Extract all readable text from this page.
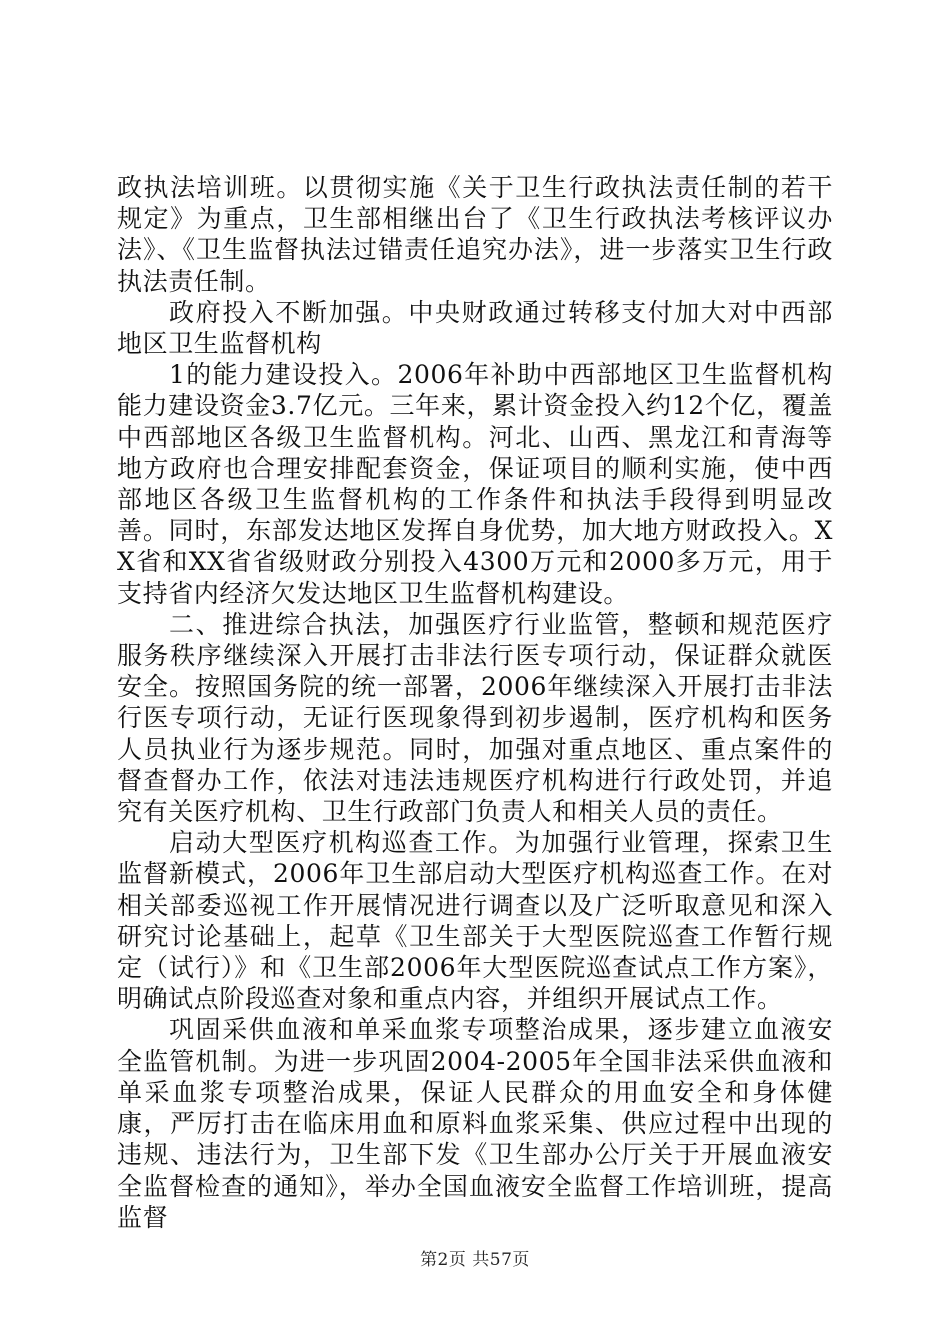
政执法培训班。以贯彻实施《关于卫生行政执法责任制的若干规定》为重点，卫生部相继出台了《卫生行政执法考核评议办法》、《卫生监督执法过错责任追究办法》，进一步落实卫生行政执法责任制。

政府投入不断加强。中央财政通过转移支付加大对中西部地区卫生监督机构

1的能力建设投入。2006年补助中西部地区卫生监督机构能力建设资金3.7亿元。三年来，累计资金投入约12个亿，覆盖中西部地区各级卫生监督机构。河北、山西、黑龙江和青海等地方政府也合理安排配套资金，保证项目的顺利实施，使中西部地区各级卫生监督机构的工作条件和执法手段得到明显改善。同时，东部发达地区发挥自身优势，加大地方财政投入。XX省和XX省省级财政分别投入4300万元和2000多万元，用于支持省内经济欠发达地区卫生监督机构建设。

二、推进综合执法，加强医疗行业监管，整顿和规范医疗服务秩序继续深入开展打击非法行医专项行动，保证群众就医安全。按照国务院的统一部署，2006年继续深入开展打击非法行医专项行动，无证行医现象得到初步遏制，医疗机构和医务人员执业行为逐步规范。同时，加强对重点地区、重点案件的督查督办工作，依法对违法违规医疗机构进行行政处罚，并追究有关医疗机构、卫生行政部门负责人和相关人员的责任。

启动大型医疗机构巡查工作。为加强行业管理，探索卫生监督新模式，2006年卫生部启动大型医疗机构巡查工作。在对相关部委巡视工作开展情况进行调查以及广泛听取意见和深入研究讨论基础上，起草《卫生部关于大型医院巡查工作暂行规定（试行）》和《卫生部2006年大型医院巡查试点工作方案》，明确试点阶段巡查对象和重点内容，并组织开展试点工作。

巩固采供血液和单采血浆专项整治成果，逐步建立血液安全监管机制。为进一步巩固2004-2005年全国非法采供血液和单采血浆专项整治成果，保证人民群众的用血安全和身体健康，严厉打击在临床用血和原料血浆采集、供应过程中出现的违规、违法行为，卫生部下发《卫生部办公厅关于开展血液安全监督检查的通知》，举办全国血液安全监督工作培训班，提高监督

第2页 共57页
